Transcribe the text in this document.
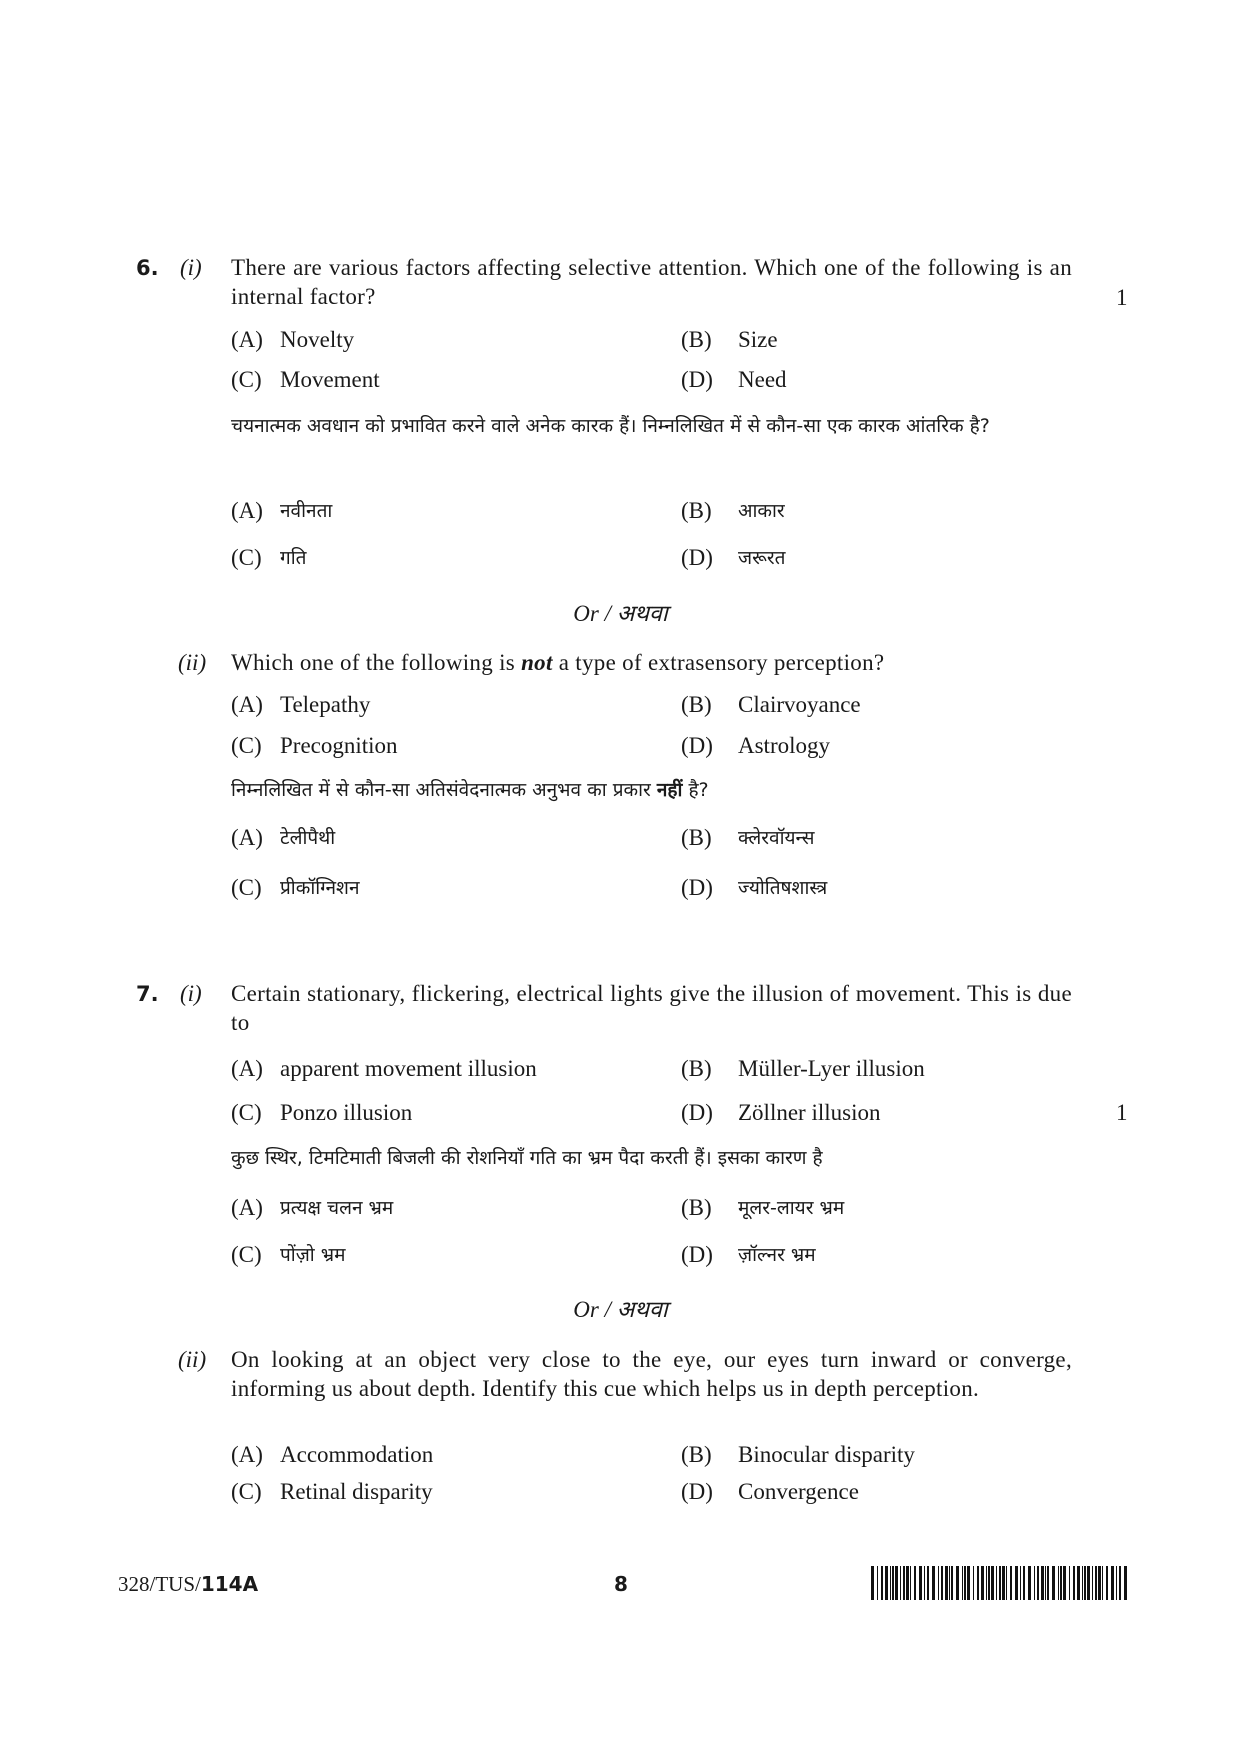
6. (i) There are various factors affecting selective attention. Which one of the following is an internal factor?	1
(A) Novelty	(B) Size
(C) Movement	(D) Need
चयनात्मक अवधान को प्रभावित करने वाले अनेक कारक हैं। निम्नलिखित में से कौन-सा एक कारक आंतरिक है?
(A) नवीनता	(B) आकार
(C) गति	(D) जरूरत
Or / अथवा
(ii) Which one of the following is not a type of extrasensory perception?
(A) Telepathy	(B) Clairvoyance
(C) Precognition	(D) Astrology
निम्नलिखित में से कौन-सा अतिसंवेदनात्मक अनुभव का प्रकार नहीं है?
(A) टेलीपैथी	(B) क्लेरवॉयन्स
(C) प्रीकॉग्निशन	(D) ज्योतिषशास्त्र
7. (i) Certain stationary, flickering, electrical lights give the illusion of movement. This is due to
(A) apparent movement illusion	(B) Müller-Lyer illusion
(C) Ponzo illusion	(D) Zöllner illusion	1
कुछ स्थिर, टिमटिमाती बिजली की रोशनियाँ गति का भ्रम पैदा करती हैं। इसका कारण है
(A) प्रत्यक्ष चलन भ्रम	(B) मूलर-लायर भ्रम
(C) पोंज़ो भ्रम	(D) ज़ॉल्नर भ्रम
Or / अथवा
(ii) On looking at an object very close to the eye, our eyes turn inward or converge, informing us about depth. Identify this cue which helps us in depth perception.
(A) Accommodation	(B) Binocular disparity
(C) Retinal disparity	(D) Convergence
328/TUS/114A	8
